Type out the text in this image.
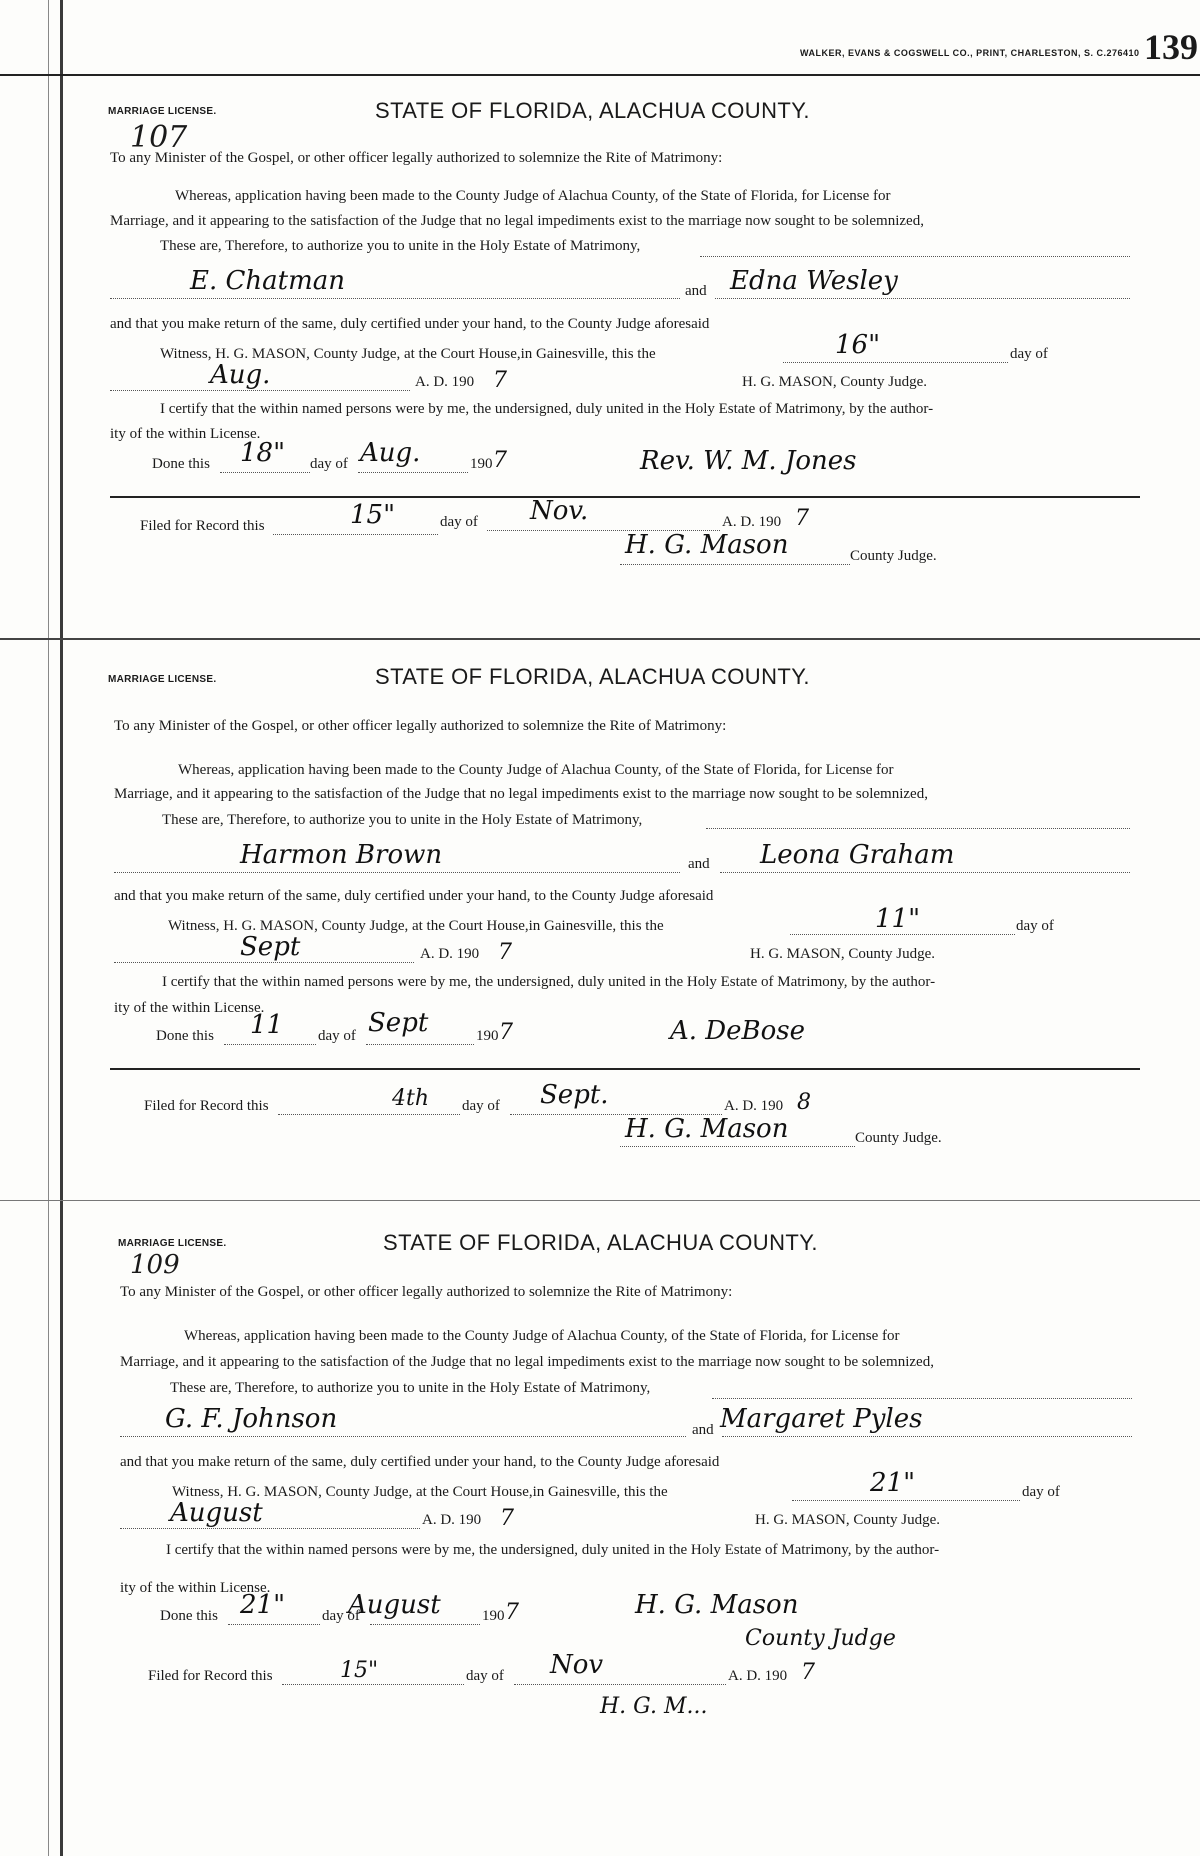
WALKER, EVANS & COGSWELL CO., PRINT, CHARLESTON, S. C.276410 139
MARRIAGE LICENSE.	STATE OF FLORIDA, ALACHUA COUNTY.
107
To any Minister of the Gospel, or other officer legally authorized to solemnize the Rite of Matrimony:
Whereas, application having been made to the County Judge of Alachua County, of the State of Florida, for License for
Marriage, and it appearing to the satisfaction of the Judge that no legal impediments exist to the marriage now sought to be solemnized,
These are, Therefore, to authorize you to unite in the Holy Estate of Matrimony,
E. Chatman	and Edna Wesley
and that you make return of the same, duly certified under your hand, to the County Judge aforesaid
Witness, H. G. MASON, County Judge, at the Court House,in Gainesville, this the	16"	day of
Aug.	A. D. 190 7	H. G. MASON, County Judge.
I certify that the within named persons were by me, the undersigned, duly united in the Holy Estate of Matrimony, by the author-
ity of the within License.
Done this 18" day of Aug.	190 7	Rev. W. M. Jones
Filed for Record this	15"	day of Nov.	A. D. 190 7
H. G. Mason	County Judge.
MARRIAGE LICENSE.	STATE OF FLORIDA, ALACHUA COUNTY.
To any Minister of the Gospel, or other officer legally authorized to solemnize the Rite of Matrimony:
Whereas, application having been made to the County Judge of Alachua County, of the State of Florida, for License for
Marriage, and it appearing to the satisfaction of the Judge that no legal impediments exist to the marriage now sought to be solemnized,
These are, Therefore, to authorize you to unite in the Holy Estate of Matrimony,
Harmon Brown	and Leona Graham
and that you make return of the same, duly certified under your hand, to the County Judge aforesaid
Witness, H. G. MASON, County Judge, at the Court House,in Gainesville, this the	11"	day of
Sept	A. D. 190 7	H. G. MASON, County Judge.
I certify that the within named persons were by me, the undersigned, duly united in the Holy Estate of Matrimony, by the author-
ity of the within License.
Done this 11 day of Sept	190 7	A. DeBose
Filed for Record this	4th day of Sept.	A. D. 190 8
H. G. Mason	County Judge.
MARRIAGE LICENSE.	STATE OF FLORIDA, ALACHUA COUNTY.
109
To any Minister of the Gospel, or other officer legally authorized to solemnize the Rite of Matrimony:
Whereas, application having been made to the County Judge of Alachua County, of the State of Florida, for License for
Marriage, and it appearing to the satisfaction of the Judge that no legal impediments exist to the marriage now sought to be solemnized,
These are, Therefore, to authorize you to unite in the Holy Estate of Matrimony,
G. F. Johnson	and Margaret Pyles
and that you make return of the same, duly certified under your hand, to the County Judge aforesaid
Witness, H. G. MASON, County Judge, at the Court House,in Gainesville, this the	21"	day of
August	A. D. 190 7	H. G. MASON, County Judge.
I certify that the within named persons were by me, the undersigned, duly united in the Holy Estate of Matrimony, by the author-
ity of the within License.
Done this 21" day of
August	190 7	H. G. Mason
County Judge
Filed for Record this	15"	day of Nov	A. D. 190 7
H. G. M...
